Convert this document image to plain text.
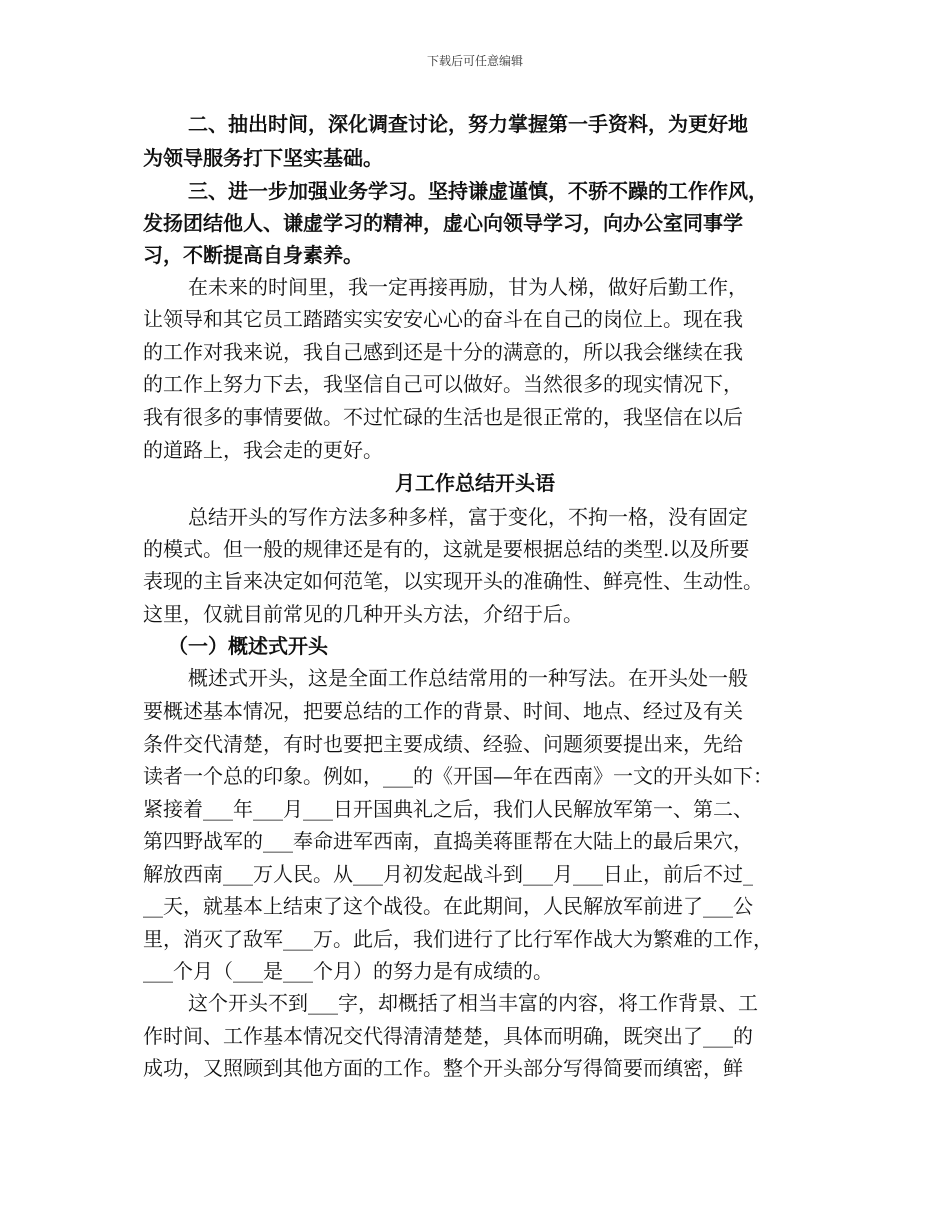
下载后可任意编辑
二、抽出时间，深化调查讨论，努力掌握第一手资料，为更好地
为领导服务打下坚实基础。
三、进一步加强业务学习。坚持谦虚谨慎，不骄不躁的工作作风，
发扬团结他人、谦虚学习的精神，虚心向领导学习，向办公室同事学
习，不断提高自身素养。
在未来的时间里，我一定再接再励，甘为人梯，做好后勤工作，
让领导和其它员工踏踏实实安安心心的奋斗在自己的岗位上。现在我
的工作对我来说，我自己感到还是十分的满意的，所以我会继续在我
的工作上努力下去，我坚信自己可以做好。当然很多的现实情况下，
我有很多的事情要做。不过忙碌的生活也是很正常的，我坚信在以后
的道路上，我会走的更好。
月工作总结开头语
总结开头的写作方法多种多样，富于变化，不拘一格，没有固定
的模式。但一般的规律还是有的，这就是要根据总结的类型.以及所要
表现的主旨来决定如何范笔，以实现开头的准确性、鲜亮性、生动性。
这里，仅就目前常见的几种开头方法，介绍于后。
（一）概述式开头
概述式开头，这是全面工作总结常用的一种写法。在开头处一般
要概述基本情况，把要总结的工作的背景、时间、地点、经过及有关
条件交代清楚，有时也要把主要成绩、经验、问题须要提出来，先给
读者一个总的印象。例如，___的《开国—年在西南》一文的开头如下：
紧接着___年___月___日开国典礼之后，我们人民解放军第一、第二、
第四野战军的___奉命进军西南，直捣美蒋匪帮在大陆上的最后果穴，
解放西南___万人民。从___月初发起战斗到___月___日止，前后不过_
__天，就基本上结束了这个战役。在此期间，人民解放军前进了___公
里，消灭了敌军___万。此后，我们进行了比行军作战大为繁难的工作，
___个月（___是___个月）的努力是有成绩的。
这个开头不到___字，却概括了相当丰富的内容，将工作背景、工
作时间、工作基本情况交代得清清楚楚，具体而明确，既突出了___的
成功，又照顾到其他方面的工作。整个开头部分写得简要而缜密，鲜
